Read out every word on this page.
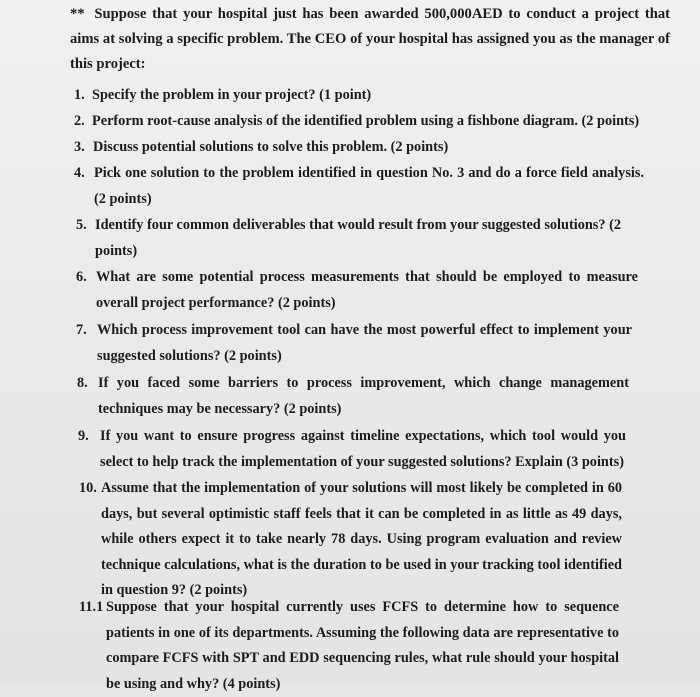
** Suppose that your hospital just has been awarded 500,000AED to conduct a project that aims at solving a specific problem. The CEO of your hospital has assigned you as the manager of this project:
1. Specify the problem in your project? (1 point)
2. Perform root-cause analysis of the identified problem using a fishbone diagram. (2 points)
3. Discuss potential solutions to solve this problem. (2 points)
4. Pick one solution to the problem identified in question No. 3 and do a force field analysis. (2 points)
5. Identify four common deliverables that would result from your suggested solutions? (2 points)
6. What are some potential process measurements that should be employed to measure overall project performance? (2 points)
7. Which process improvement tool can have the most powerful effect to implement your suggested solutions? (2 points)
8. If you faced some barriers to process improvement, which change management techniques may be necessary? (2 points)
9. If you want to ensure progress against timeline expectations, which tool would you select to help track the implementation of your suggested solutions? Explain (3 points)
10. Assume that the implementation of your solutions will most likely be completed in 60 days, but several optimistic staff feels that it can be completed in as little as 49 days, while others expect it to take nearly 78 days. Using program evaluation and review technique calculations, what is the duration to be used in your tracking tool identified in question 9? (2 points)
11.1 Suppose that your hospital currently uses FCFS to determine how to sequence patients in one of its departments. Assuming the following data are representative to compare FCFS with SPT and EDD sequencing rules, what rule should your hospital be using and why? (4 points)
